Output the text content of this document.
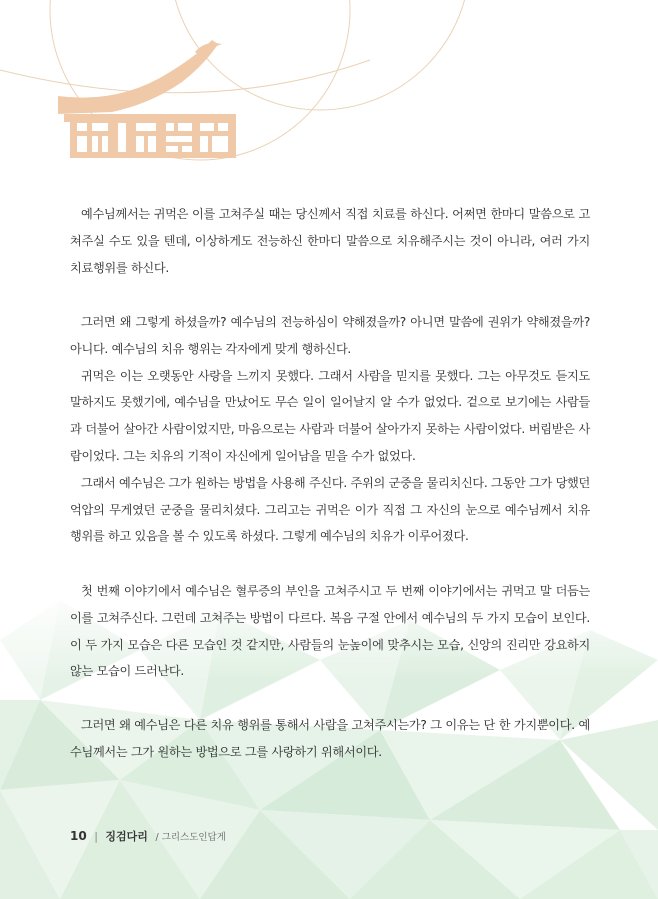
예수님께서는 귀먹은 이를 고쳐주실 때는 당신께서 직접 치료를 하신다. 어쩌면 한마디 말씀으로 고쳐주실 수도 있을 텐데, 이상하게도 전능하신 한마디 말씀으로 치유해주시는 것이 아니라, 여러 가지 치료행위를 하신다.

그러면 왜 그렇게 하셨을까? 예수님의 전능하심이 약해졌을까? 아니면 말씀에 권위가 약해졌을까? 아니다. 예수님의 치유 행위는 각자에게 맞게 행하신다.

귀먹은 이는 오랫동안 사랑을 느끼지 못했다. 그래서 사람을 믿지를 못했다. 그는 아무것도 듣지도 말하지도 못했기에, 예수님을 만났어도 무슨 일이 일어날지 알 수가 없었다. 겉으로 보기에는 사람들과 더불어 살아간 사람이었지만, 마음으로는 사람과 더불어 살아가지 못하는 사람이었다. 버림받은 사람이었다. 그는 치유의 기적이 자신에게 일어남을 믿을 수가 없었다.

그래서 예수님은 그가 원하는 방법을 사용해 주신다. 주위의 군중을 물리치신다. 그동안 그가 당했던 억압의 무게였던 군중을 물리치셨다. 그리고는 귀먹은 이가 직접 그 자신의 눈으로 예수님께서 치유 행위를 하고 있음을 볼 수 있도록 하셨다. 그렇게 예수님의 치유가 이루어졌다.

첫 번째 이야기에서 예수님은 혈루증의 부인을 고쳐주시고 두 번째 이야기에서는 귀먹고 말 더듬는 이를 고쳐주신다. 그런데 고쳐주는 방법이 다르다. 복음 구절 안에서 예수님의 두 가지 모습이 보인다. 이 두 가지 모습은 다른 모습인 것 같지만, 사람들의 눈높이에 맞추시는 모습, 신앙의 진리만 강요하지 않는 모습이 드러난다.

그러면 왜 예수님은 다른 치유 행위를 통해서 사람을 고쳐주시는가? 그 이유는 단 한 가지뿐이다. 예수님께서는 그가 원하는 방법으로 그를 사랑하기 위해서이다.

10 | 징검다리 / 그리스도인답게
